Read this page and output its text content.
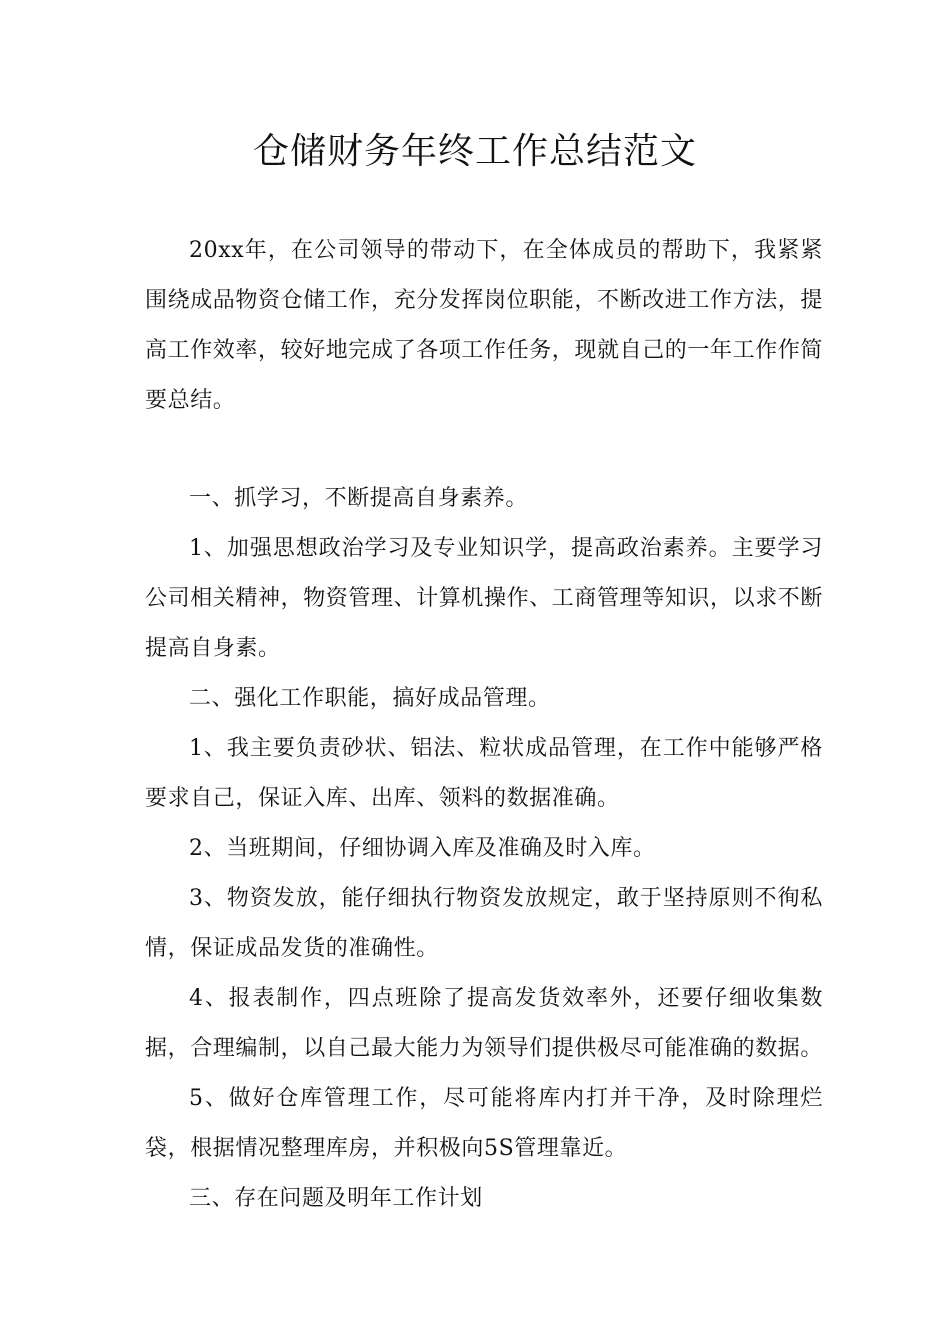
仓储财务年终工作总结范文

20xx年，在公司领导的带动下，在全体成员的帮助下，我紧紧围绕成品物资仓储工作，充分发挥岗位职能，不断改进工作方法，提高工作效率，较好地完成了各项工作任务，现就自己的一年工作作简要总结。

一、抓学习，不断提高自身素养。

1、加强思想政治学习及专业知识学，提高政治素养。主要学习公司相关精神，物资管理、计算机操作、工商管理等知识，以求不断提高自身素。

二、强化工作职能，搞好成品管理。

1、我主要负责砂状、铝法、粒状成品管理，在工作中能够严格要求自己，保证入库、出库、领料的数据准确。

2、当班期间，仔细协调入库及准确及时入库。

3、物资发放，能仔细执行物资发放规定，敢于坚持原则不徇私情，保证成品发货的准确性。

4、报表制作，四点班除了提高发货效率外，还要仔细收集数据，合理编制，以自己最大能力为领导们提供极尽可能准确的数据。

5、做好仓库管理工作，尽可能将库内打并干净，及时除理烂袋，根据情况整理库房，并积极向5S管理靠近。

三、存在问题及明年工作计划
